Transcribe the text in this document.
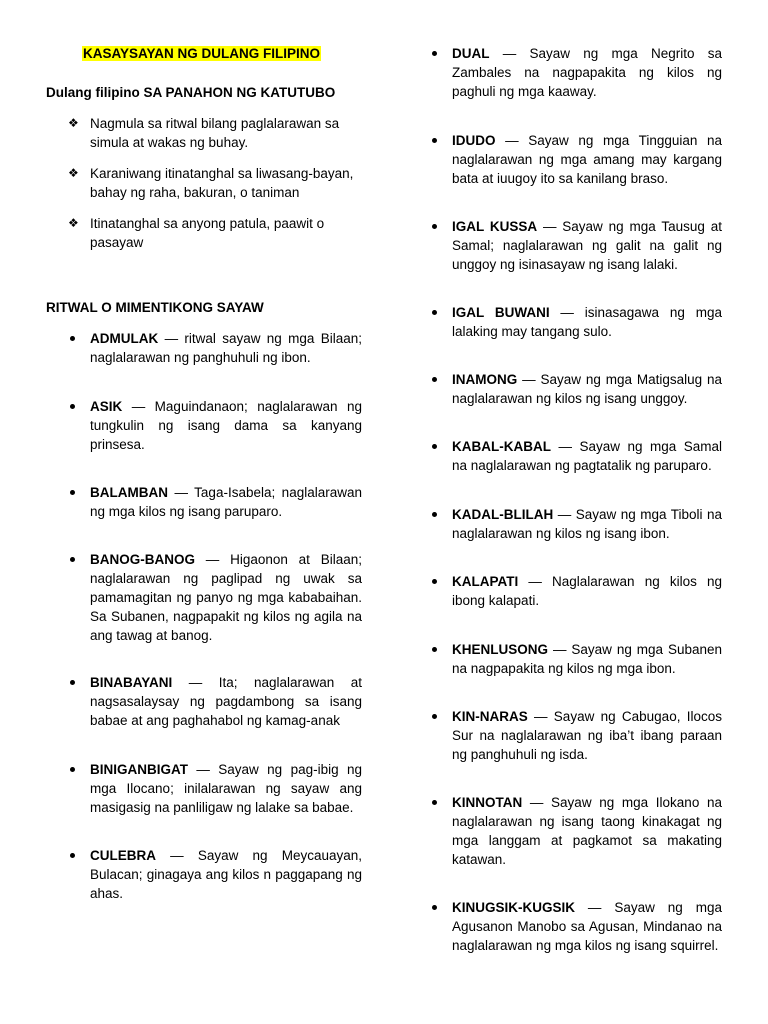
KASAYSAYAN NG DULANG FILIPINO
Dulang filipino SA PANAHON NG KATUTUBO
❖ Nagmula sa ritwal bilang paglalarawan sa simula at wakas ng buhay.
❖ Karaniwang itinatanghal sa liwasang-bayan, bahay ng raha, bakuran, o taniman
❖ Itinatanghal sa anyong patula, paawit o pasayaw
RITWAL O MIMENTIKONG SAYAW
ADMULAK — ritwal sayaw ng mga Bilaan; naglalarawan ng panghuhuli ng ibon.
ASIK — Maguindanaon; naglalarawan ng tungkulin ng isang dama sa kanyang prinsesa.
BALAMBAN — Taga-Isabela; naglalarawan ng mga kilos ng isang paruparo.
BANOG-BANOG — Higaonon at Bilaan; naglalarawan ng paglipad ng uwak sa pamamagitan ng panyo ng mga kababaihan. Sa Subanen, nagpapakit ng kilos ng agila na ang tawag at banog.
BINABAYANI — Ita; naglalarawan at nagsasalaysay ng pagdambong sa isang babae at ang paghahabol ng kamag-anak
BINIGANBIGAT — Sayaw ng pag-ibig ng mga Ilocano; inilalarawan ng sayaw ang masigasig na panliligaw ng lalake sa babae.
CULEBRA — Sayaw ng Meycauayan, Bulacan; ginagaya ang kilos n paggapang ng ahas.
DUAL — Sayaw ng mga Negrito sa Zambales na nagpapakita ng kilos ng paghuli ng mga kaaway.
IDUDO — Sayaw ng mga Tingguian na naglalarawan ng mga amang may kargang bata at iuugoy ito sa kanilang braso.
IGAL KUSSA — Sayaw ng mga Tausug at Samal; naglalarawan ng galit na galit ng unggoy ng isinasayaw ng isang lalaki.
IGAL BUWANI — isinasagawa ng mga lalaking may tangang sulo.
INAMONG — Sayaw ng mga Matigsalug na naglalarawan ng kilos ng isang unggoy.
KABAL-KABAL — Sayaw ng mga Samal na naglalarawan ng pagtatalik ng paruparo.
KADAL-BLILAH — Sayaw ng mga Tiboli na naglalarawan ng kilos ng isang ibon.
KALAPATI — Naglalarawan ng kilos ng ibong kalapati.
KHENLUSONG — Sayaw ng mga Subanen na nagpapakita ng kilos ng mga ibon.
KIN-NARAS — Sayaw ng Cabugao, Ilocos Sur na naglalarawan ng iba’t ibang paraan ng panghuhuli ng isda.
KINNOTAN — Sayaw ng mga Ilokano na naglalarawan ng isang taong kinakagat ng mga langgam at pagkamot sa makating katawan.
KINUGSIK-KUGSIK — Sayaw ng mga Agusanon Manobo sa Agusan, Mindanao na naglalarawan ng mga kilos ng isang squirrel.
